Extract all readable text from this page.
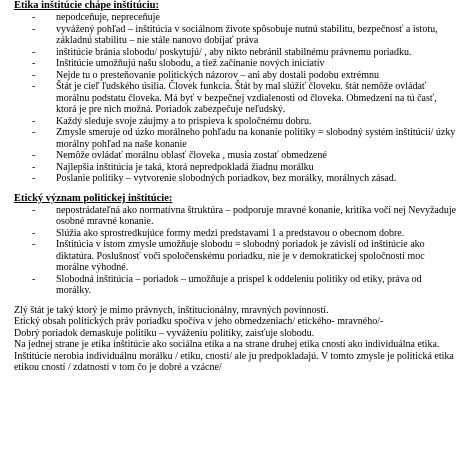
Etika inštitúcie chápe inštitúciu:
- nepodceňuje, nepreceňuje
- vyvážený pohľad – inštitúcia v sociálnom živote spôsobuje nutnú stabilitu, bezpečnosť a istotu, základnú stabilitu – nie stále nanovo dobíjať práva
- inštitúcie bránia slobodu/ poskytujú/ , aby nikto nebránil stabilnému právnemu poriadku.
- Inštitúcie umožňujú našu slobodu, a tiež začínanie nových iniciatív
- Nejde tu o presteňovanie politických názorov – ani aby dostali podobu extrémnu
- Štát je cieľ ľudského úsilia. Človek funkcia. Štát by mal slúžiť človeku. štát nemôže ovládať morálnu podstatu človeka. Má byť v bezpečnej vzdialenosti od človeka. Obmedzení na tú časť, ktorá je pre nich možná. Poriadok zabezpečuje neľudský.
- Každý sleduje svoje záujmy a to prispieva k spoločnému dobru.
- Zmysle smeruje od úzko morálneho pohľadu na konanie politiky = slobodný systém inštitúcií/ úzky morálny pohľad na naše konanie
- Nemôže ovládať morálnu oblasť človeka , musia zostať obmedzené
- Najlepšia inštitúcia je taká, ktorá nepredpokladá žiadnu morálku
- Poslanie politiky – vytvorenie slobodných poriadkov, bez morálky, morálnych zásad.
Etický význam politickej inštitúcie:
- nepostrádateľná ako normatívna štruktúra – podporuje mravné konanie, kritika voči nej Nevyžaduje osobné mravné konanie.
- Slúžia ako sprostredkujúce formy medzi predstavami 1 a predstavou o obecnom dobre.
- Inštitúcia v istom zmysle umožňuje slobodu = slobodný poriadok je závislí od inštitúcie ako diktatúra. Poslušnosť voči spoločenskému poriadku, nie je v demokratickej spoločnosti moc morálne výhodné.
- Slobodná inštitúcia – poriadok – umožňuje a prispel k oddeleniu politiky od etiky, práva od morálky.

Zlý štát je taký ktorý je mimo právnych, inštitucionálny, mravných povinností.

Etický obsah politických práv poriadku spočíva v jeho obmedzeniach/ etického- mravného/-

Dobrý poriadok demaskuje politiku – vyváženiu politiky, zaisťuje slobodu.

Na jednej strane je etika inštitúcie ako sociálna etika a na strane druhej etika cností ako individuálna etika. Inštitúcie nerobia individuálnu morálku / etiku, cnosti/ ale ju predpokladajú. V tomto zmysle je politická etika etikou cností / zdatností v tom čo je dobré a vzácne/
